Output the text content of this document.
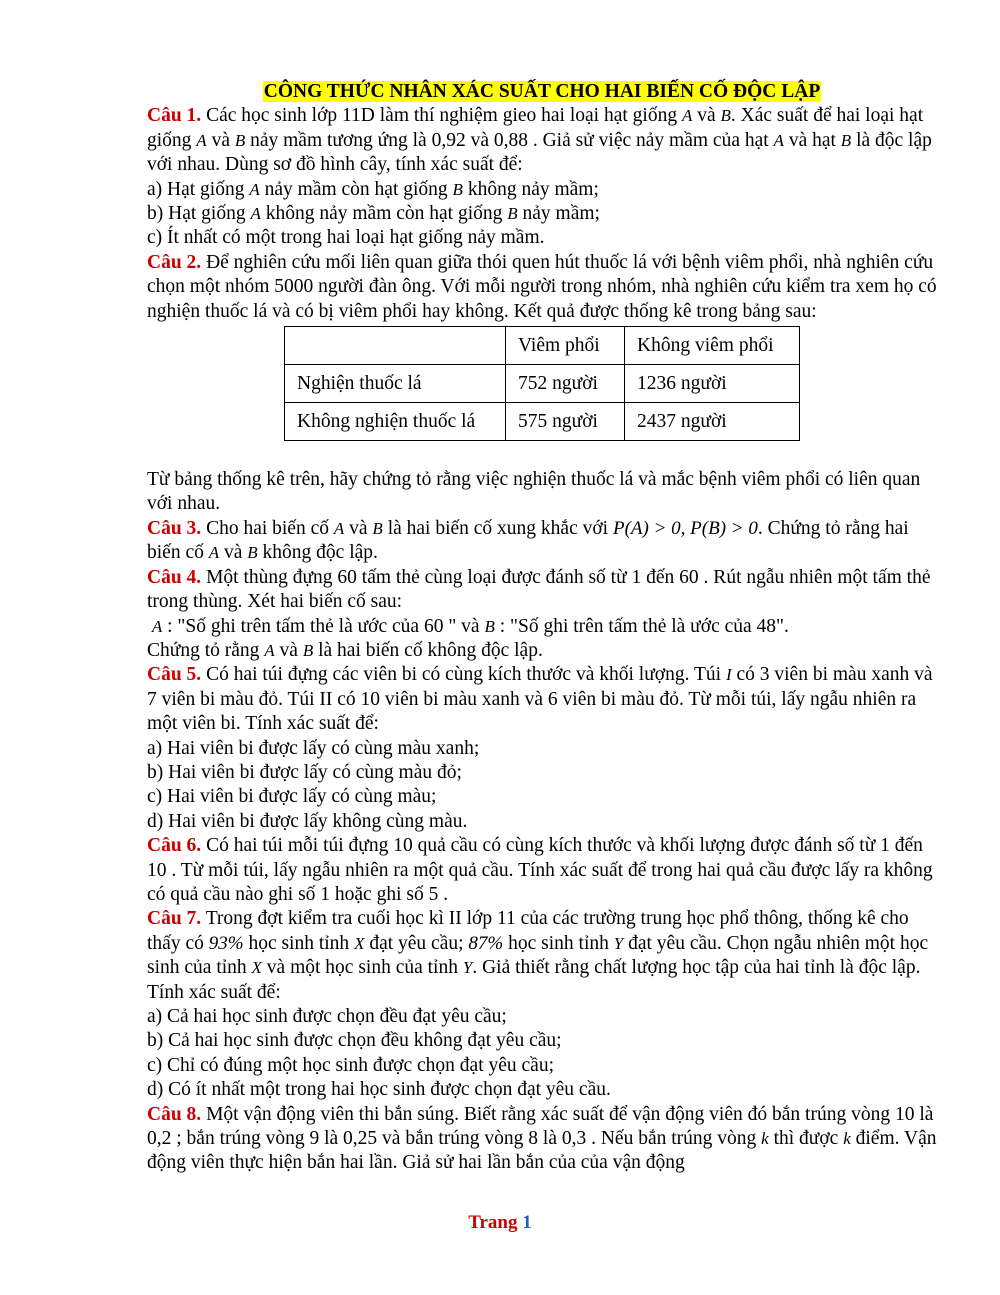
CÔNG THỨC NHÂN XÁC SUẤT CHO HAI BIẾN CỐ ĐỘC LẬP
Câu 1. Các học sinh lớp 11D làm thí nghiệm gieo hai loại hạt giống A và B. Xác suất để hai loại hạt giống A và B nảy mầm tương ứng là 0,92 và 0,88 . Giả sử việc nảy mầm của hạt A và hạt B là độc lập với nhau. Dùng sơ đồ hình cây, tính xác suất để:
a) Hạt giống A nảy mầm còn hạt giống B không nảy mầm;
b) Hạt giống A không nảy mầm còn hạt giống B nảy mầm;
c) Ít nhất có một trong hai loại hạt giống nảy mầm.
Câu 2. Để nghiên cứu mối liên quan giữa thói quen hút thuốc lá với bệnh viêm phổi, nhà nghiên cứu chọn một nhóm 5000 người đàn ông. Với mỗi người trong nhóm, nhà nghiên cứu kiểm tra xem họ có nghiện thuốc lá và có bị viêm phổi hay không. Kết quả được thống kê trong bảng sau:
	Viêm phổi	Không viêm phổi
Nghiện thuốc lá	752 người	1236 người
Không nghiện thuốc lá	575 người	2437 người
Từ bảng thống kê trên, hãy chứng tỏ rằng việc nghiện thuốc lá và mắc bệnh viêm phổi có liên quan với nhau.
Câu 3. Cho hai biến cố A và B là hai biến cố xung khắc với P(A) > 0, P(B) > 0. Chứng tỏ rằng hai biến cố A và B không độc lập.
Câu 4. Một thùng đựng 60 tấm thẻ cùng loại được đánh số từ 1 đến 60 . Rút ngẫu nhiên một tấm thẻ trong thùng. Xét hai biến cố sau:
A : "Số ghi trên tấm thẻ là ước của 60 " và B : "Số ghi trên tấm thẻ là ước của 48".
Chứng tỏ rằng A và B là hai biến cố không độc lập.
Câu 5. Có hai túi đựng các viên bi có cùng kích thước và khối lượng. Túi I có 3 viên bi màu xanh và 7 viên bi màu đỏ. Túi II có 10 viên bi màu xanh và 6 viên bi màu đỏ. Từ mỗi túi, lấy ngẫu nhiên ra một viên bi. Tính xác suất để:
a) Hai viên bi được lấy có cùng màu xanh;
b) Hai viên bi được lấy có cùng màu đỏ;
c) Hai viên bi được lấy có cùng màu;
d) Hai viên bi được lấy không cùng màu.
Câu 6. Có hai túi mỗi túi đựng 10 quả cầu có cùng kích thước và khối lượng được đánh số từ 1 đến 10 . Từ mỗi túi, lấy ngẫu nhiên ra một quả cầu. Tính xác suất để trong hai quả cầu được lấy ra không có quả cầu nào ghi số 1 hoặc ghi số 5 .
Câu 7. Trong đợt kiểm tra cuối học kì II lớp 11 của các trường trung học phổ thông, thống kê cho thấy có 93% học sinh tỉnh X đạt yêu cầu; 87% học sinh tỉnh Y đạt yêu cầu. Chọn ngẫu nhiên một học sinh của tỉnh X và một học sinh của tỉnh Y. Giả thiết rằng chất lượng học tập của hai tỉnh là độc lập. Tính xác suất để:
a) Cả hai học sinh được chọn đều đạt yêu cầu;
b) Cả hai học sinh được chọn đều không đạt yêu cầu;
c) Chỉ có đúng một học sinh được chọn đạt yêu cầu;
d) Có ít nhất một trong hai học sinh được chọn đạt yêu cầu.
Câu 8. Một vận động viên thi bắn súng. Biết rằng xác suất để vận động viên đó bắn trúng vòng 10 là 0,2 ; bắn trúng vòng 9 là 0,25 và bắn trúng vòng 8 là 0,3 . Nếu bắn trúng vòng k thì được k điểm. Vận động viên thực hiện bắn hai lần. Giả sử hai lần bắn của của vận động
Trang 1
